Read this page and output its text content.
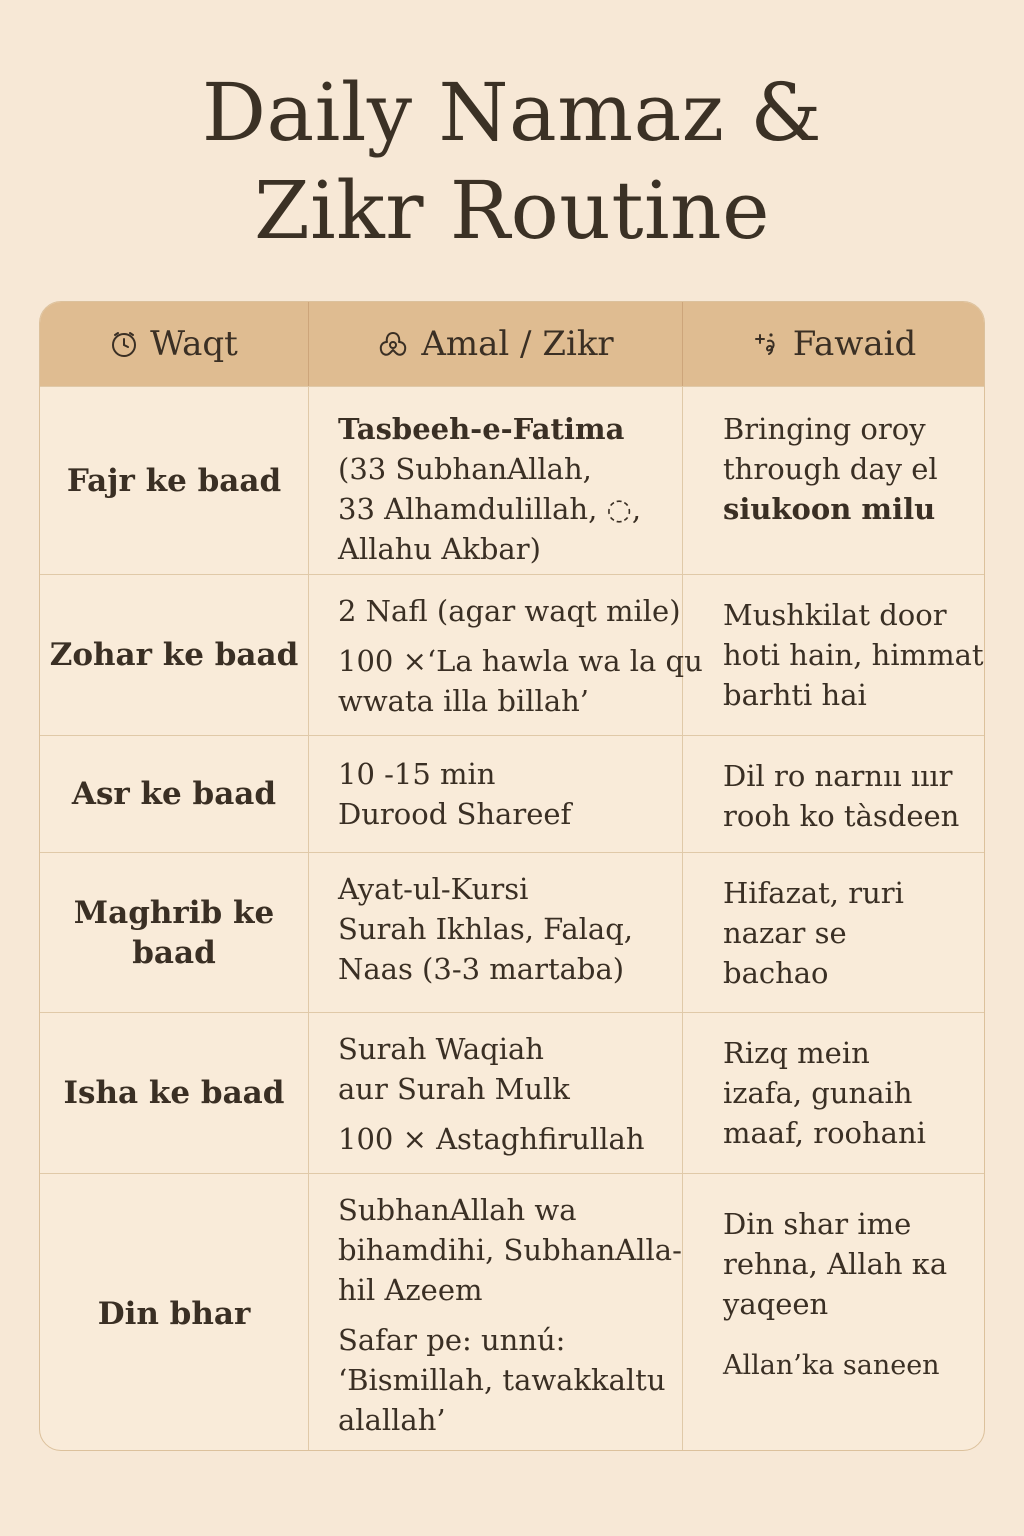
Daily Namaz &
Zikr Routine
Waqt	Amal / Zikr	Fawaid
Fajr ke baad
Tasbeeh-e-Fatima
(33 SubhanAllah,
33 Alhamdulillah, ◌,
Allahu Akbar)
Bringing oroy
through day el
siukoon milu
Zohar ke baad
2 Nafl (agar waqt mile)
100 ×‘La hawla wa la qu
wwata illa billah’
Mushkilat door
hoti hain, himmat
barhti hai
Asr ke baad
10 -15 min
Durood Shareef
Dil ro narnıı ııır
rooh ko tàsdeen
Maghrib ke baad
Ayat-ul-Kursi
Surah Ikhlas, Falaq,
Naas (3-3 martaba)
Hifazat, ruri
nazar se
bachao
Isha ke baad
Surah Waqiah
aur Surah Mulk
100 × Astaghfirullah
Rizq mein
izafa, gunaih
maaf, roohani
Din bhar
SubhanAllah wa
bihamdihi, SubhanAlla-
hil Azeem
Safar pe: unnú:
‘Bismillah, tawakkaltu
alallah’
Din shar ime
rehna, Allah κa
yaqeen
Allan’ka saneen
